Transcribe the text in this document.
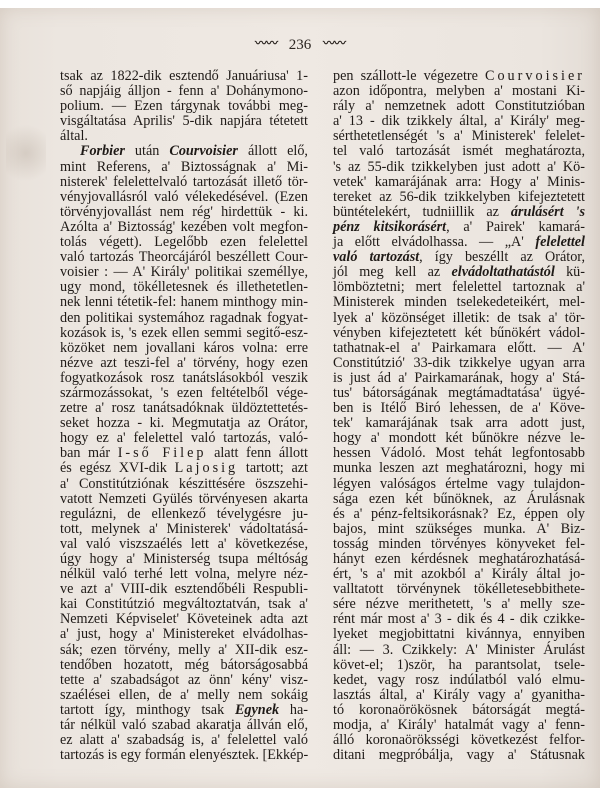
〰〰 236 〰〰
tsak az 1822-dik esztendő Januáriusa' 1-
ső napjáig álljon - fenn a' Dohánymono-
polium. — Ezen tárgynak további meg-
visgáltatása Aprilis' 5-dik napjára tétetett
által.
Forbier után Courvoisier állott elő,
mint Referens, a' Biztosságnak a' Mi-
nisterek' felelettelvaló tartozását illető tör-
vényjovallásról való vélekedésével. (Ezen
törvényjovallást nem rég' hirdettük - ki.
Azólta a' Biztosság' kezében volt megfon-
tolás végett). Legelőbb ezen felelettel
való tartozás Theorcájáról beszéllett Cour-
voisier : — A' Király' politikai személlye,
ugy mond, tökélletesnek és illethetetlen-
nek lenni tétetik-fel: hanem minthogy min-
den politikai systemához ragadnak fogyat-
kozások is, 's ezek ellen semmi segitő-esz-
közöket nem jovallani káros volna: erre
nézve azt teszi-fel a' törvény, hogy ezen
fogyatkozások rosz tanátslásokból veszik
szármozássokat, 's ezen feltételből vége-
zetre a' rosz tanátsadóknak üldöztettetés-
seket hozza - ki. Megmutatja az Orátor,
hogy ez a' felelettel való tartozás, való-
ban már I-ső Filep alatt fenn állott
és egész XVI-dik Lajosig tartott; azt
a' Constitútziónak készittésére öszszehi-
vatott Nemzeti Gyülés törvényesen akarta
regulázni, de ellenkező tévelygésre ju-
tott, melynek a' Ministerek' vádoltatásá-
val való viszszaélés lett a' következése,
úgy hogy a' Ministerség tsupa méltóság
nélkül való terhé lett volna, melyre néz-
ve azt a' VIII-dik esztendőbéli Respubli-
kai Constitútzió megváltoztatván, tsak a'
Nemzeti Képviselet' Követeinek adta azt
a' just, hogy a' Ministereket elvádolhas-
sák; ezen törvény, melly a' XII-dik esz-
tendőben hozatott, még bátorságosabbá
tette a' szabadságot az önn' kény' visz-
szaélései ellen, de a' melly nem sokáig
tartott így, minthogy tsak Egynek ha-
tár nélkül való szabad akaratja állván elő,
ez alatt a' szabadság is, a' felelettel való
tartozás is egy formán elenyésztek. [Ekkép-
pen szállott-le végezetre Courvoisier
azon időpontra, melyben a' mostani Ki-
rály a' nemzetnek adott Constitutzióban
a' 13 - dik tzikkely által, a' Király' meg-
sérthetetlenségét 's a' Ministerek' felelet-
tel való tartozását ismét meghatározta,
's az 55-dik tzikkelyben just adott a' Kö-
vetek' kamarájának arra: Hogy a' Minis-
tereket az 56-dik tzikkelyben kifejeztetett
büntételekért, tudniillik az árulásért 's
pénz kitsikorásért, a' Pairek' kamará-
ja előtt elvádolhassa. — „A' felelettel
való tartozást, így beszéllt az Orátor,
jól meg kell az elvádoltathatástól kü-
lömböztetni; mert felelettel tartoznak a'
Ministerek minden tselekedeteikért, mel-
lyek a' közönséget illetik: de tsak a' tör-
vényben kifejeztetett két bűnökért vádol-
tathatnak-el a' Pairkamara előtt. — A'
Constitútzió' 33-dik tzikkelye ugyan arra
is just ád a' Pairkamarának, hogy a' Stá-
tus' bátorságának megtámadtatása' ügyé-
ben is Itélő Biró lehessen, de a' Köve-
tek' kamarájának tsak arra adott just,
hogy a' mondott két bűnökre nézve le-
hessen Vádoló. Most tehát legfontosabb
munka leszen azt meghatározni, hogy mi
légyen valóságos értelme vagy tulajdon-
sága ezen két bűnöknek, az Árulásnak
és a' pénz-feltsikorásnak? Ez, éppen oly
bajos, mint szükséges munka. A' Biz-
tosság minden törvényes könyveket fel-
hányt ezen kérdésnek meghatározhatásá-
ért, 's a' mit azokból a' Király által jo-
valltatott törvénynek tökélletesebbithete-
sére nézve merithetett, 's a' melly sze-
rént már most a' 3 - dik és 4 - dik czikke-
lyeket megjobittatni kivánnya, ennyiben
áll: — 3. Czikkely: A' Minister Árulást
követ-el; 1)ször, ha parantsolat, tsele-
kedet, vagy rosz indúlatból való elmu-
lasztás által, a' Király vagy a' gyanitha-
tó koronaörökösnek bátorságát megtá-
modja, a' Király' hatalmát vagy a' fenn-
álló koronaöröksségi következést felfor-
ditani megpróbálja, vagy a' Státusnak
